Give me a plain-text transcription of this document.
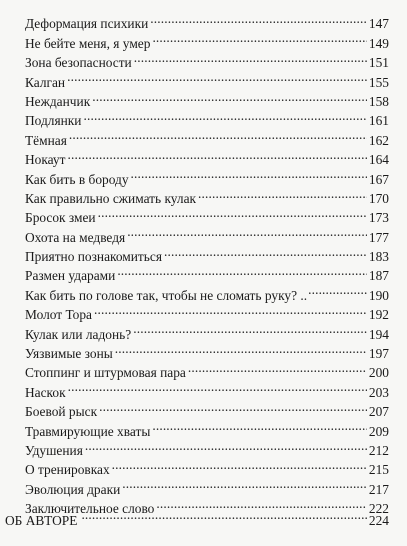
Деформация психики . . .	147
Не бейте меня, я умер . . .	149
Зона безопасности . . .	151
Калган . . .	155
Нежданчик . . .	158
Подлянки . . .	161
Тёмная . . .	162
Нокаут . . .	164
Как бить в бороду . . .	167
Как правильно сжимать кулак . . .	170
Бросок змеи . . .	173
Охота на медведя . . .	177
Приятно познакомиться . . .	183
Размен ударами . . .	187
Как бить по голове так, чтобы не сломать руку? .. . . .	190
Молот Тора . . .	192
Кулак или ладонь? . . .	194
Уязвимые зоны . . .	197
Стоппинг и штурмовая пара . . .	200
Наскок . . .	203
Боевой рыск . . .	207
Травмирующие хваты . . .	209
Удушения . . .	212
О тренировках . . .	215
Эволюция драки . . .	217
Заключительное слово . . .	222
ОБ АВТОРЕ . . .	224
